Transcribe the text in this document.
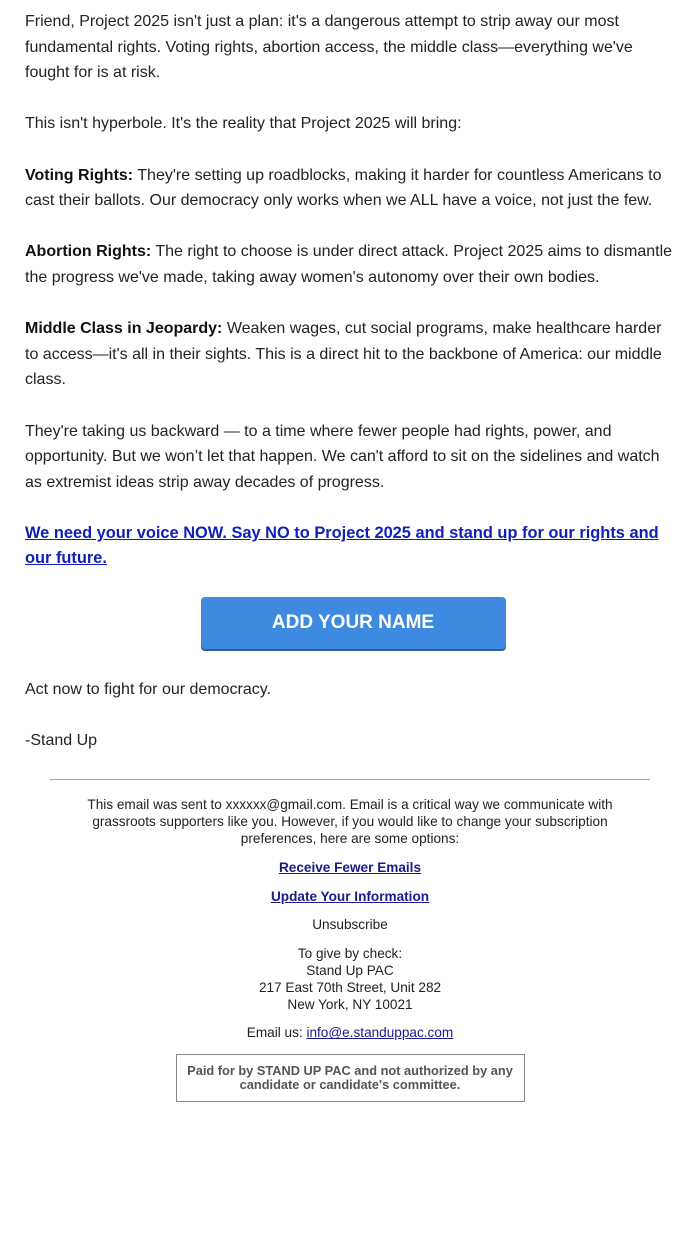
Friend, Project 2025 isn't just a plan: it's a dangerous attempt to strip away our most fundamental rights. Voting rights, abortion access, the middle class—everything we've fought for is at risk.

This isn't hyperbole. It's the reality that Project 2025 will bring:

Voting Rights: They're setting up roadblocks, making it harder for countless Americans to cast their ballots. Our democracy only works when we ALL have a voice, not just the few.

Abortion Rights: The right to choose is under direct attack. Project 2025 aims to dismantle the progress we've made, taking away women's autonomy over their own bodies.

Middle Class in Jeopardy: Weaken wages, cut social programs, make healthcare harder to access—it's all in their sights. This is a direct hit to the backbone of America: our middle class.

They're taking us backward — to a time where fewer people had rights, power, and opportunity. But we won’t let that happen. We can't afford to sit on the sidelines and watch as extremist ideas strip away decades of progress.

We need your voice NOW. Say NO to Project 2025 and stand up for our rights and our future.
ADD YOUR NAME

Act now to fight for our democracy.

-Stand Up

This email was sent to xxxxxx@gmail.com. Email is a critical way we communicate with grassroots supporters like you. However, if you would like to change your subscription preferences, here are some options:

Receive Fewer Emails

Update Your Information

Unsubscribe

To give by check:
Stand Up PAC
217 East 70th Street, Unit 282
New York, NY 10021

Email us: info@e.standuppac.com

Paid for by STAND UP PAC and not authorized by any candidate or candidate's committee.
